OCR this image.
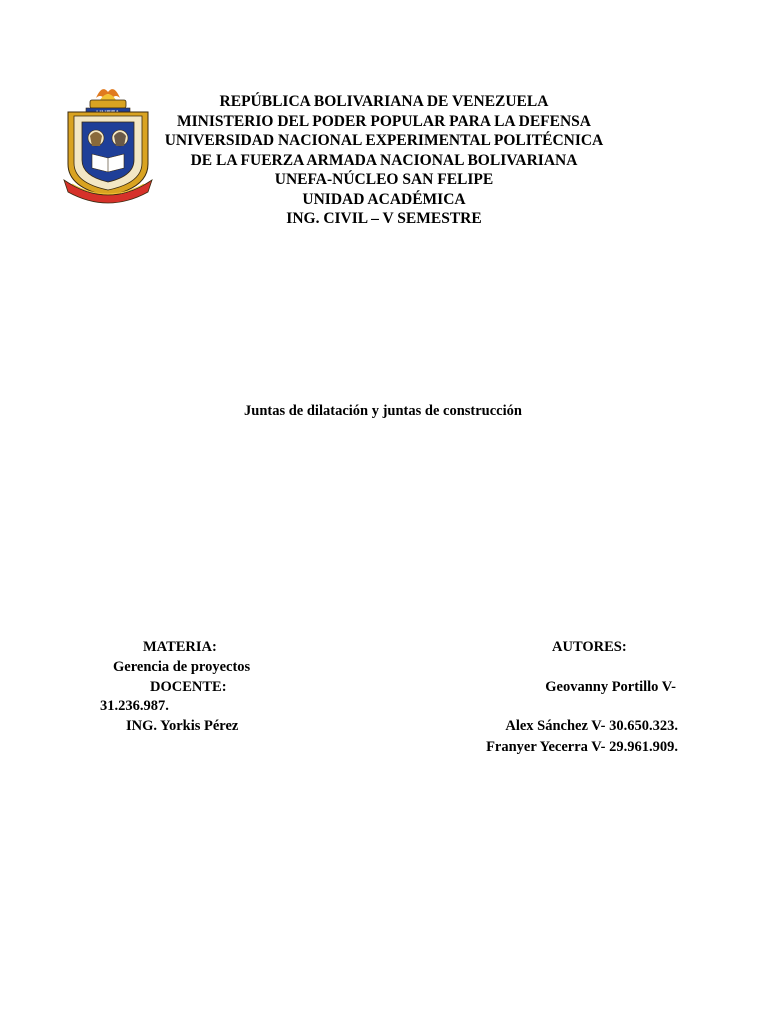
REPÚBLICA BOLIVARIANA DE VENEZUELA
MINISTERIO DEL PODER POPULAR PARA LA DEFENSA
UNIVERSIDAD NACIONAL EXPERIMENTAL POLITÉCNICA
DE LA FUERZA ARMADA NACIONAL BOLIVARIANA
UNEFA-NÚCLEO SAN FELIPE
UNIDAD ACADÉMICA
ING. CIVIL – V SEMESTRE
Juntas de dilatación y juntas de construcción
MATERIA:
Gerencia de proyectos
DOCENTE:
31.236.987.
ING. Yorkis Pérez
AUTORES:
Geovanny Portillo V-
Alex Sánchez V- 30.650.323.
Franyer Yecerra V- 29.961.909.
